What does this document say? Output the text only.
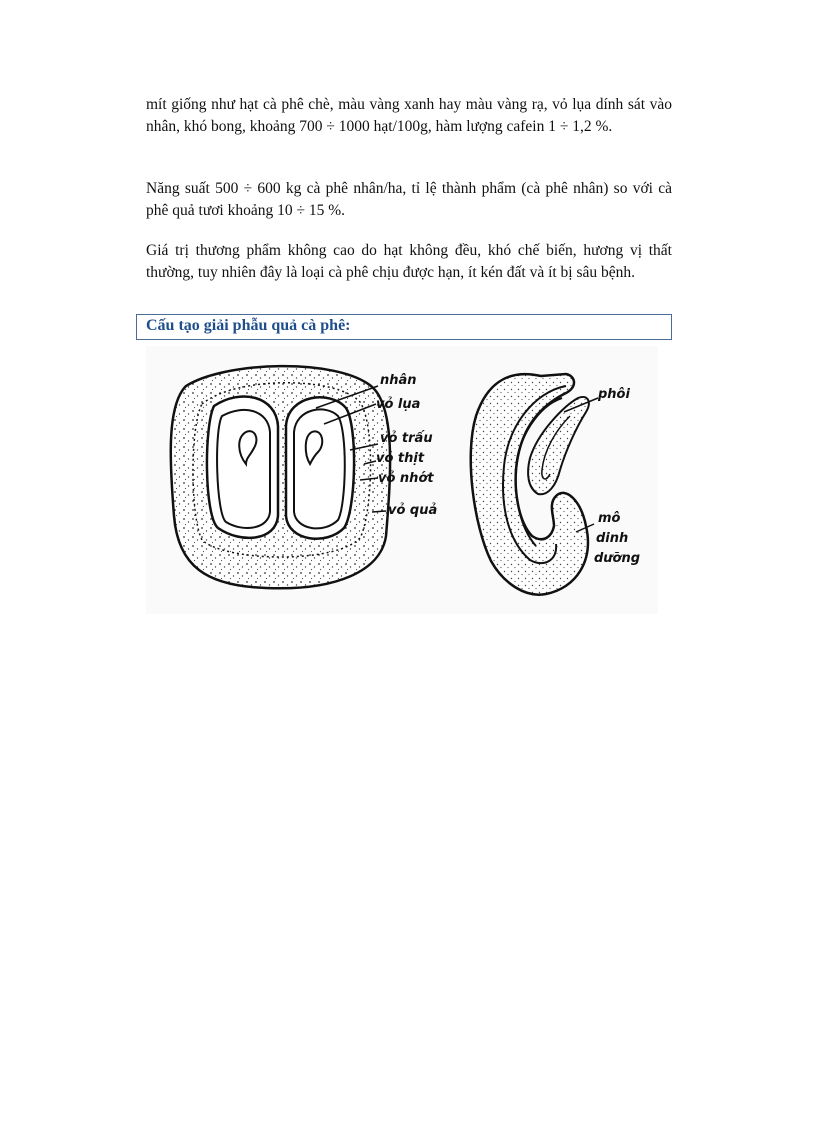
mít giống như hạt cà phê chè, màu vàng xanh hay màu vàng rạ, vỏ lụa dính sát vào nhân, khó bong, khoảng 700 ÷ 1000 hạt/100g, hàm lượng cafein 1 ÷ 1,2 %.

Năng suất 500 ÷ 600 kg cà phê nhân/ha, tỉ lệ thành phẩm (cà phê nhân) so với cà phê quả tươi khoảng 10 ÷ 15 %.

Giá trị thương phẩm không cao do hạt không đều, khó chế biến, hương vị thất thường, tuy nhiên đây là loại cà phê chịu được hạn, ít kén đất và ít bị sâu bệnh.

Cấu tạo giải phẫu quả cà phê:
nhân
vỏ lụa
vỏ trấu
vỏ thịt
vỏ nhớt
vỏ quả
phôi
mô
dinh
dưỡng
